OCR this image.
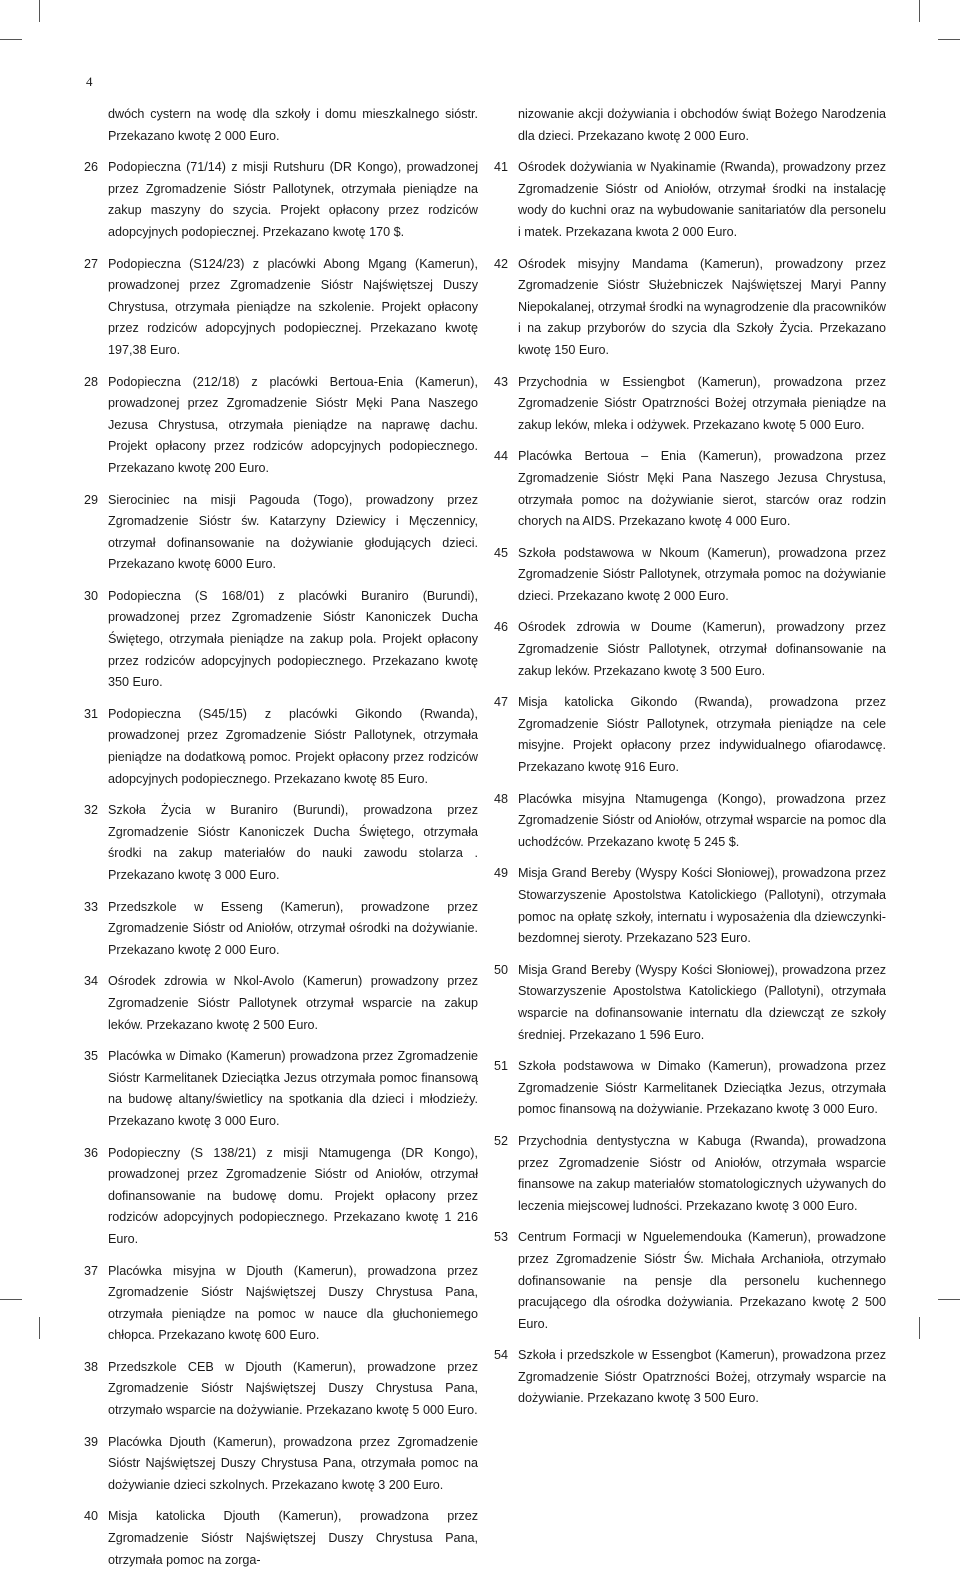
4
dwóch cystern na wodę dla szkoły i domu mieszkalnego sióstr. Przekazano kwotę 2 000 Euro.
26 Podopieczna (71/14) z misji Rutshuru (DR Kongo), prowadzonej przez Zgromadzenie Sióstr Pallotynek, otrzymała pieniądze na zakup maszyny do szycia. Projekt opłacony przez rodziców adopcyjnych podopiecznej. Przekazano kwotę 170 $.
27 Podopieczna (S124/23) z placówki Abong Mgang (Kamerun), prowadzonej przez Zgromadzenie Sióstr Najświętszej Duszy Chrystusa, otrzymała pieniądze na szkolenie. Projekt opłacony przez rodziców adopcyjnych podopiecznej. Przekazano kwotę 197,38 Euro.
28 Podopieczna (212/18) z placówki Bertoua-Enia (Kamerun), prowadzonej przez Zgromadzenie Sióstr Męki Pana Naszego Jezusa Chrystusa, otrzymała pieniądze na naprawę dachu. Projekt opłacony przez rodziców adopcyjnych podopiecznego. Przekazano kwotę 200 Euro.
29 Sierociniec na misji Pagouda (Togo), prowadzony przez Zgromadzenie Sióstr św. Katarzyny Dziewicy i Męczennicy, otrzymał dofinansowanie na dożywianie głodujących dzieci. Przekazano kwotę 6000 Euro.
30 Podopieczna (S 168/01) z placówki Buraniro (Burundi), prowadzonej przez Zgromadzenie Sióstr Kanoniczek Ducha Świętego, otrzymała pieniądze na zakup pola. Projekt opłacony przez rodziców adopcyjnych podopiecznego. Przekazano kwotę 350 Euro.
31 Podopieczna (S45/15) z placówki Gikondo (Rwanda), prowadzonej przez Zgromadzenie Sióstr Pallotynek, otrzymała pieniądze na dodatkową pomoc. Projekt opłacony przez rodziców adopcyjnych podopiecznego. Przekazano kwotę 85 Euro.
32 Szkoła Życia w Buraniro (Burundi), prowadzona przez Zgromadzenie Sióstr Kanoniczek Ducha Świętego, otrzymała środki na zakup materiałów do nauki zawodu stolarza . Przekazano kwotę 3 000 Euro.
33 Przedszkole w Esseng (Kamerun), prowadzone przez Zgromadzenie Sióstr od Aniołów, otrzymał ośrodki na dożywianie. Przekazano kwotę 2 000 Euro.
34 Ośrodek zdrowia w Nkol-Avolo (Kamerun) prowadzony przez Zgromadzenie Sióstr Pallotynek otrzymał wsparcie na zakup leków. Przekazano kwotę 2 500 Euro.
35 Placówka w Dimako (Kamerun) prowadzona przez Zgromadzenie Sióstr Karmelitanek Dzieciątka Jezus otrzymała pomoc finansową na budowę altany/świetlicy na spotkania dla dzieci i młodzieży. Przekazano kwotę 3 000 Euro.
36 Podopieczny (S 138/21) z misji Ntamugenga (DR Kongo), prowadzonej przez Zgromadzenie Sióstr od Aniołów, otrzymał dofinansowanie na budowę domu. Projekt opłacony przez rodziców adopcyjnych podopiecznego. Przekazano kwotę 1 216 Euro.
37 Placówka misyjna w Djouth (Kamerun), prowadzona przez Zgromadzenie Sióstr Najświętszej Duszy Chrystusa Pana, otrzymała pieniądze na pomoc w nauce dla głuchoniemego chłopca. Przekazano kwotę 600 Euro.
38 Przedszkole CEB w Djouth (Kamerun), prowadzone przez Zgromadzenie Sióstr Najświętszej Duszy Chrystusa Pana, otrzymało wsparcie na dożywianie. Przekazano kwotę 5 000 Euro.
39 Placówka Djouth (Kamerun), prowadzona przez Zgromadzenie Sióstr Najświętszej Duszy Chrystusa Pana, otrzymała pomoc na dożywianie dzieci szkolnych. Przekazano kwotę 3 200 Euro.
40 Misja katolicka Djouth (Kamerun), prowadzona przez Zgromadzenie Sióstr Najświętszej Duszy Chrystusa Pana, otrzymała pomoc na zorga-
nizowanie akcji dożywiania i obchodów świąt Bożego Narodzenia dla dzieci. Przekazano kwotę 2 000 Euro.
41 Ośrodek dożywiania w Nyakinamie (Rwanda), prowadzony przez Zgromadzenie Sióstr od Aniołów, otrzymał środki na instalację wody do kuchni oraz na wybudowanie sanitariatów dla personelu i matek. Przekazana kwota 2 000 Euro.
42 Ośrodek misyjny Mandama (Kamerun), prowadzony przez Zgromadzenie Sióstr Służebniczek Najświętszej Maryi Panny Niepokalanej, otrzymał środki na wynagrodzenie dla pracowników i na zakup przyborów do szycia dla Szkoły Życia. Przekazano kwotę 150 Euro.
43 Przychodnia w Essiengbot (Kamerun), prowadzona przez Zgromadzenie Sióstr Opatrzności Bożej otrzymała pieniądze na zakup leków, mleka i odżywek. Przekazano kwotę 5 000 Euro.
44 Placówka Bertoua – Enia (Kamerun), prowadzona przez Zgromadzenie Sióstr Męki Pana Naszego Jezusa Chrystusa, otrzymała pomoc na dożywianie sierot, starców oraz rodzin chorych na AIDS. Przekazano kwotę 4 000 Euro.
45 Szkoła podstawowa w Nkoum (Kamerun), prowadzona przez Zgromadzenie Sióstr Pallotynek, otrzymała pomoc na dożywianie dzieci. Przekazano kwotę 2 000 Euro.
46 Ośrodek zdrowia w Doume (Kamerun), prowadzony przez Zgromadzenie Sióstr Pallotynek, otrzymał dofinansowanie na zakup leków. Przekazano kwotę 3 500 Euro.
47 Misja katolicka Gikondo (Rwanda), prowadzona przez Zgromadzenie Sióstr Pallotynek, otrzymała pieniądze na cele misyjne. Projekt opłacony przez indywidualnego ofiarodawcę. Przekazano kwotę 916 Euro.
48 Placówka misyjna Ntamugenga (Kongo), prowadzona przez Zgromadzenie Sióstr od Aniołów, otrzymał wsparcie na pomoc dla uchodźców. Przekazano kwotę 5 245 $.
49 Misja Grand Bereby (Wyspy Kości Słoniowej), prowadzona przez Stowarzyszenie Apostolstwa Katolickiego (Pallotyni), otrzymała pomoc na opłatę szkoły, internatu i wyposażenia dla dziewczynki- bezdomnej sieroty. Przekazano 523 Euro.
50 Misja Grand Bereby (Wyspy Kości Słoniowej), prowadzona przez Stowarzyszenie Apostolstwa Katolickiego (Pallotyni), otrzymała wsparcie na dofinansowanie internatu dla dziewcząt ze szkoły średniej. Przekazano 1 596 Euro.
51 Szkoła podstawowa w Dimako (Kamerun), prowadzona przez Zgromadzenie Sióstr Karmelitanek Dzieciątka Jezus, otrzymała pomoc finansową na dożywianie. Przekazano kwotę 3 000 Euro.
52 Przychodnia dentystyczna w Kabuga (Rwanda), prowadzona przez Zgromadzenie Sióstr od Aniołów, otrzymała wsparcie finansowe na zakup materiałów stomatologicznych używanych do leczenia miejscowej ludności. Przekazano kwotę 3 000 Euro.
53 Centrum Formacji w Nguelemendouka (Kamerun), prowadzone przez Zgromadzenie Sióstr Św. Michała Archanioła, otrzymało dofinansowanie na pensje dla personelu kuchennego pracującego dla ośrodka dożywiania. Przekazano kwotę 2 500 Euro.
54 Szkoła i przedszkole w Essengbot (Kamerun), prowadzona przez Zgromadzenie Sióstr Opatrzności Bożej, otrzymały wsparcie na dożywianie. Przekazano kwotę 3 500 Euro.
